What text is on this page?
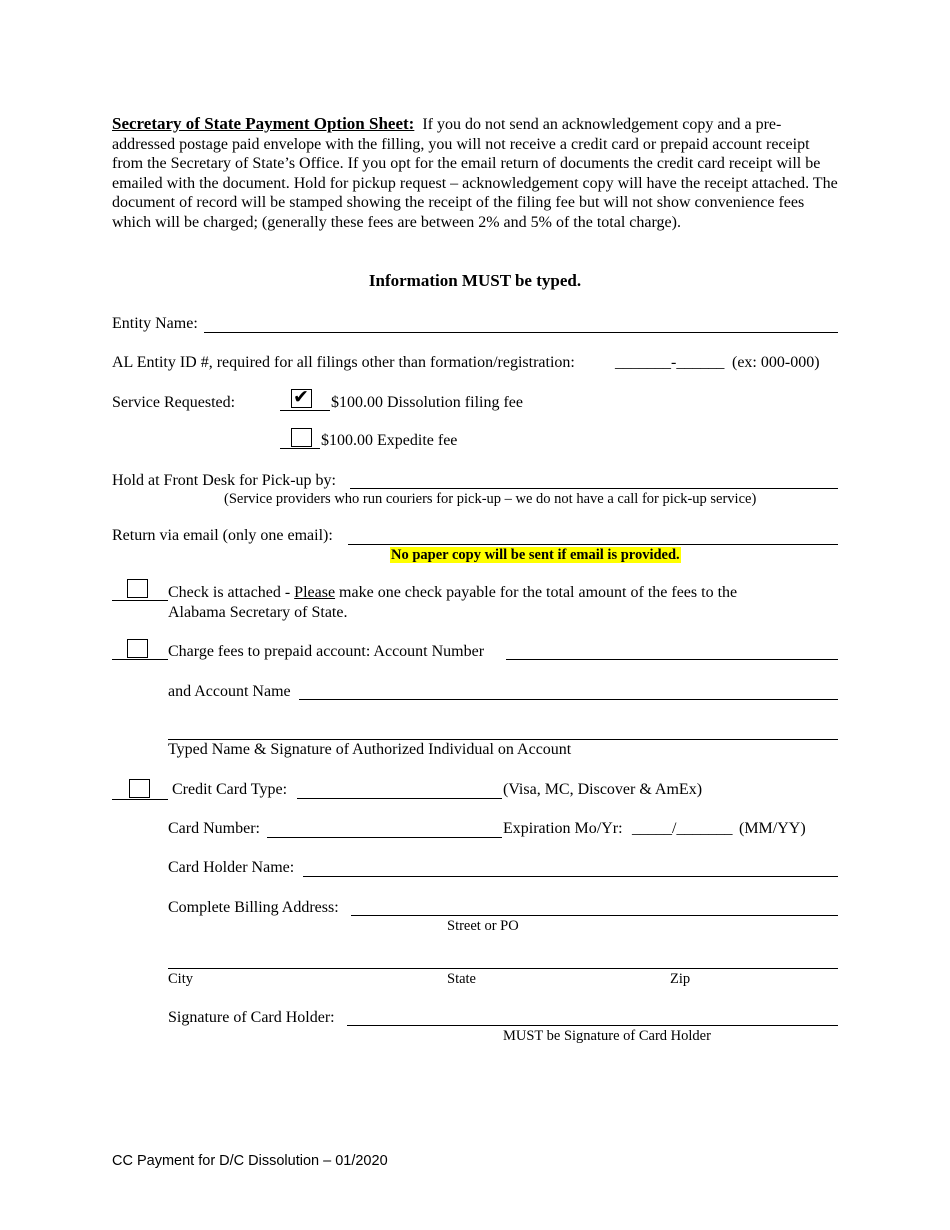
Secretary of State Payment Option Sheet: If you do not send an acknowledgement copy and a pre-addressed postage paid envelope with the filling, you will not receive a credit card or prepaid account receipt from the Secretary of State’s Office. If you opt for the email return of documents the credit card receipt will be emailed with the document. Hold for pickup request – acknowledgement copy will have the receipt attached. The document of record will be stamped showing the receipt of the filing fee but will not show convenience fees which will be charged; (generally these fees are between 2% and 5% of the total charge).
Information MUST be typed.
Entity Name:
AL Entity ID #, required for all filings other than formation/registration:	_______-______ (ex: 000-000)
Service Requested:	✔ $100.00 Dissolution filing fee
$100.00 Expedite fee
Hold at Front Desk for Pick-up by:
(Service providers who run couriers for pick-up – we do not have a call for pick-up service)
Return via email (only one email):
No paper copy will be sent if email is provided.
Check is attached - Please make one check payable for the total amount of the fees to the
Alabama Secretary of State.
Charge fees to prepaid account: Account Number
and Account Name
Typed Name & Signature of Authorized Individual on Account
Credit Card Type:	(Visa, MC, Discover & AmEx)
Card Number:	Expiration Mo/Yr: _____/_______ (MM/YY)
Card Holder Name:
Complete Billing Address:
Street or PO
City	State	Zip
Signature of Card Holder:
MUST be Signature of Card Holder
CC Payment for D/C Dissolution – 01/2020
